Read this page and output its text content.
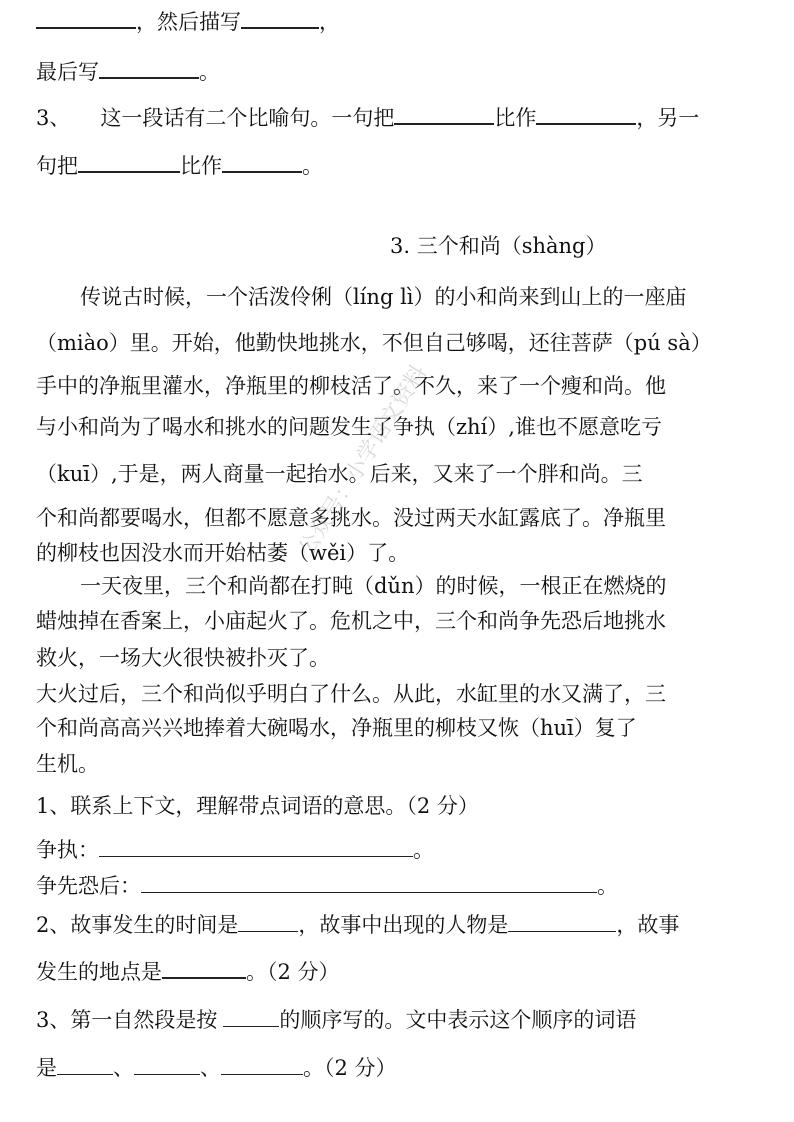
，然后描写	，
最后写	。
3、 这一段话有二个比喻句。一句把	比作	，另一
句把	比作	。
3. 三个和尚（shàng）
传说古时候，一个活泼伶俐（líng lì）的小和尚来到山上的一座庙
（miào）里。开始，他勤快地挑水，不但自己够喝，还往菩萨（pú sà）
手中的净瓶里灌水，净瓶里的柳枝活了。不久，来了一个瘦和尚。他
与小和尚为了喝水和挑水的问题发生了争执（zhí）,谁也不愿意吃亏
（kuī）,于是，两人商量一起抬水。后来，又来了一个胖和尚。三
个和尚都要喝水，但都不愿意多挑水。没过两天水缸露底了。净瓶里
的柳枝也因没水而开始枯萎（wěi）了。
一天夜里，三个和尚都在打盹（dǔn）的时候，一根正在燃烧的
蜡烛掉在香案上，小庙起火了。危机之中，三个和尚争先恐后地挑水
救火，一场大火很快被扑灭了。
大火过后，三个和尚似乎明白了什么。从此，水缸里的水又满了，三
个和尚高高兴兴地捧着大碗喝水，净瓶里的柳枝又恢（huī）复了
生机。
1、联系上下文，理解带点词语的意思。（2 分）
争执：	。
争先恐后：	。
2、故事发生的时间是	，故事中出现的人物是	，故事
发生的地点是	。（2 分）
3、第一自然段是按	的顺序写的。文中表示这个顺序的词语
是	、	、	。（2 分）
公众号：小学语文资料
